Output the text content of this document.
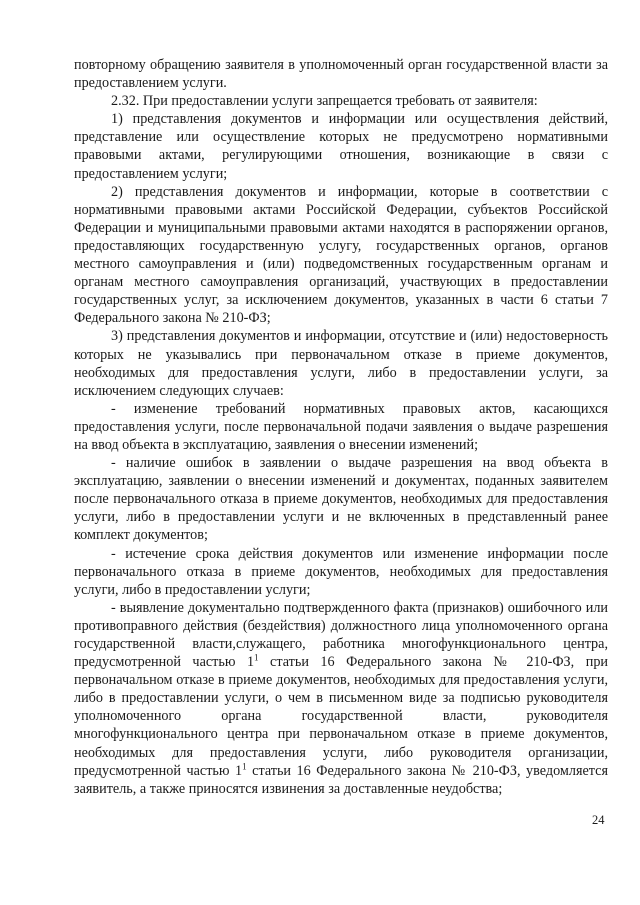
повторному обращению заявителя в уполномоченный орган государственной власти за предоставлением услуги.

2.32. При предоставлении услуги запрещается требовать от заявителя:

1) представления документов и информации или осуществления действий, представление или осуществление которых не предусмотрено нормативными правовыми актами, регулирующими отношения, возникающие в связи с предоставлением услуги;

2) представления документов и информации, которые в соответствии с нормативными правовыми актами Российской Федерации, субъектов Российской Федерации и муниципальными правовыми актами находятся в распоряжении органов, предоставляющих государственную услугу, государственных органов, органов местного самоуправления и (или) подведомственных государственным органам и органам местного самоуправления организаций, участвующих в предоставлении государственных услуг, за исключением документов, указанных в части 6 статьи 7 Федерального закона № 210-ФЗ;

3) представления документов и информации, отсутствие и (или) недостоверность которых не указывались при первоначальном отказе в приеме документов, необходимых для предоставления услуги, либо в предоставлении услуги, за исключением следующих случаев:

- изменение требований нормативных правовых актов, касающихся предоставления услуги, после первоначальной подачи заявления о выдаче разрешения на ввод объекта в эксплуатацию, заявления о внесении изменений;

- наличие ошибок в заявлении о выдаче разрешения на ввод объекта в эксплуатацию, заявлении о внесении изменений и документах, поданных заявителем после первоначального отказа в приеме документов, необходимых для предоставления услуги, либо в предоставлении услуги и не включенных в представленный ранее комплект документов;

- истечение срока действия документов или изменение информации после первоначального отказа в приеме документов, необходимых для предоставления услуги, либо в предоставлении услуги;

- выявление документально подтвержденного факта (признаков) ошибочного или противоправного действия (бездействия) должностного лица уполномоченного органа государственной власти,служащего, работника многофункционального центра, предусмотренной частью $1^1$ статьи 16 Федерального закона № 210-ФЗ, при первоначальном отказе в приеме документов, необходимых для предоставления услуги, либо в предоставлении услуги, о чем в письменном виде за подписью руководителя уполномоченного органа государственной власти, руководителя многофункционального центра при первоначальном отказе в приеме документов, необходимых для предоставления услуги, либо руководителя организации, предусмотренной частью $1^1$ статьи 16 Федерального закона № 210-ФЗ, уведомляется заявитель, а также приносятся извинения за доставленные неудобства;

24
